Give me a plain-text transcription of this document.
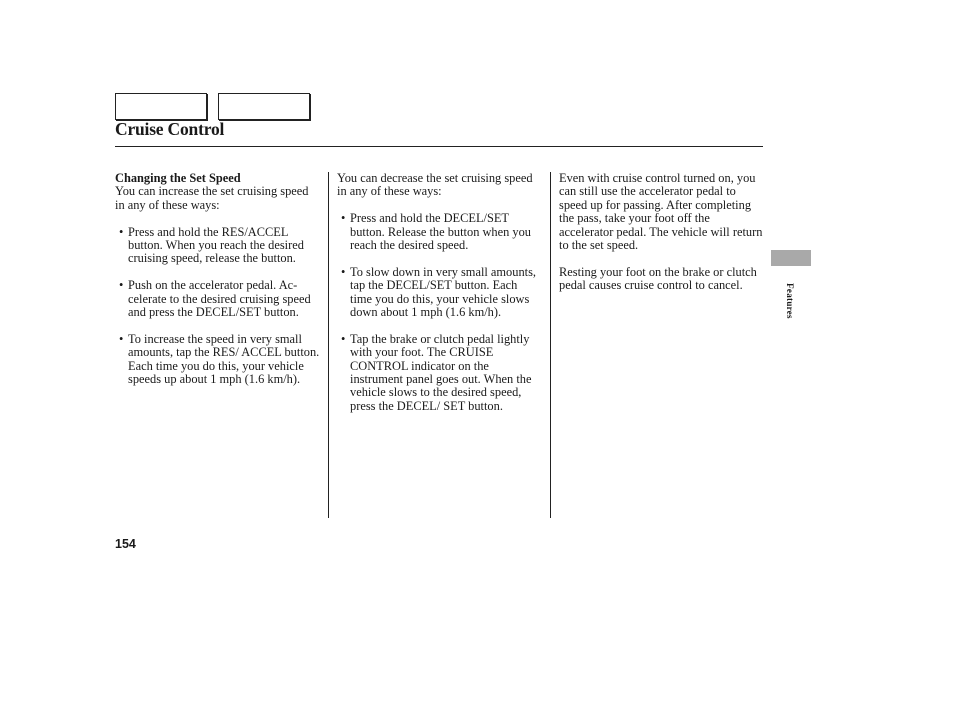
Cruise Control

Changing the Set Speed

You can increase the set cruising speed in any of these ways:

• Press and hold the RES/ACCEL button. When you reach the desired cruising speed, release the button.
• Push on the accelerator pedal. Ac-celerate to the desired cruising speed and press the DECEL/SET button.
• To increase the speed in very small amounts, tap the RES/ ACCEL button. Each time you do this, your vehicle speeds up about 1 mph (1.6 km/h).

You can decrease the set cruising speed in any of these ways:

• Press and hold the DECEL/SET button. Release the button when you reach the desired speed.
• To slow down in very small amounts, tap the DECEL/SET button. Each time you do this, your vehicle slows down about 1 mph (1.6 km/h).
• Tap the brake or clutch pedal lightly with your foot. The CRUISE CONTROL indicator on the instrument panel goes out. When the vehicle slows to the desired speed, press the DECEL/ SET button.

Even with cruise control turned on, you can still use the accelerator pedal to speed up for passing. After completing the pass, take your foot off the accelerator pedal. The vehicle will return to the set speed.

Resting your foot on the brake or clutch pedal causes cruise control to cancel.	Features
154
